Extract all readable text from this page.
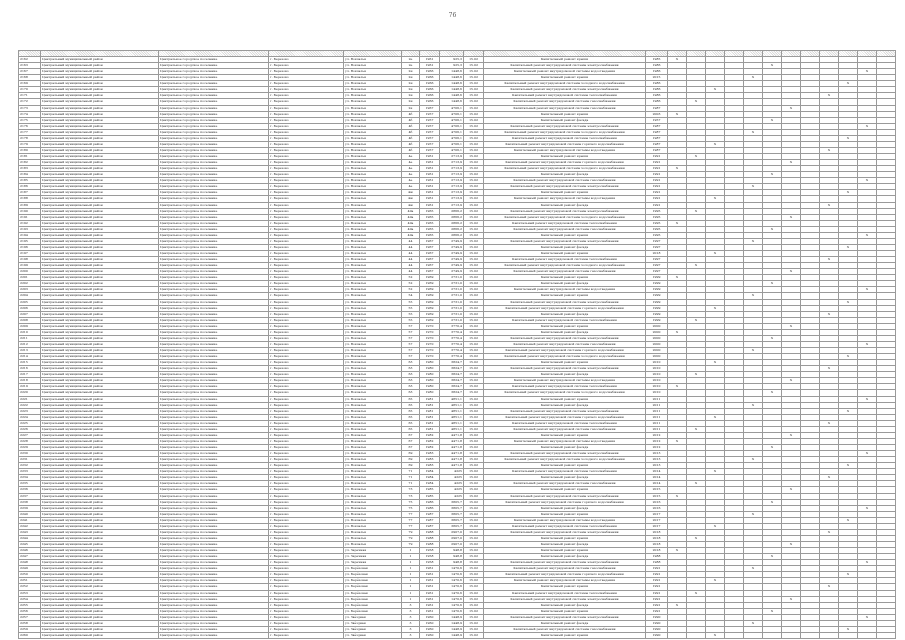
76

2162	Центральный муниципальный район	Центральное городское поселение	г. Березово	ул. Вокзалья	2е	1961	925,3	15.02	Капитальный ремонт крыши	1985	X											
2163	Центральный муниципальный район	Центральное городское поселение	г. Березово	ул. Вокзалья	2е	1961	925,3	15.02	Капитальный ремонт внутридомовой системы электроснабжения	1986						X						
2167	Центральный муниципальный район	Центральное городское поселение	г. Березово	ул. Вокзалья	2и	1966	1448,6	15.02	Капитальный ремонт внутридомовой системы водоотведения	1986											X	
2168	Центральный муниципальный район	Центральное городское поселение	г. Березово	ул. Вокзалья	2и	1966	1448,6	15.02	Капитальный ремонт крыши	2015					X							
2169	Центральный муниципальный район	Центральное городское поселение	г. Березово	ул. Вокзалья	2и	1966	1448,6	15.02	Капитальный ремонт внутридомовой системы холодного водоснабжения	1986										X		
2170	Центральный муниципальный район	Центральное городское поселение	г. Березово	ул. Вокзалья	2и	1966	1448,6	15.02	Капитальный ремонт внутридомовой системы электроснабжения	1986			X									
2171	Центральный муниципальный район	Центральное городское поселение	г. Березово	ул. Вокзалья	2и	1966	1448,6	15.02	Капитальный ремонт внутридомовой системы теплоснабжения	1986									X			
2172	Центральный муниципальный район	Центральное городское поселение	г. Березово	ул. Вокзалья	2и	1966	1448,6	15.02	Капитальный ремонт внутридомовой системы газоснабжения	1986		X										
2173	Центральный муниципальный район	Центральное городское поселение	г. Березово	ул. Вокзалья	2к	1967	4706,1	15.02	Капитальный ремонт внутридомовой системы газоснабжения	1987							X					
2174	Центральный муниципальный район	Центральное городское поселение	г. Березово	ул. Вокзалья	4б	1957	4706,1	15.02	Капитальный ремонт крыши	2003	X											
2175	Центральный муниципальный район	Центральное городское поселение	г. Березово	ул. Вокзалья	4б	1957	4706,1	15.02	Капитальный ремонт фасада	1957						X						
2176	Центральный муниципальный район	Центральное городское поселение	г. Березово	ул. Вокзалья	4б	1957	4706,1	15.02	Капитальный ремонт внутридомовой системы электроснабжения	1987											X	
2177	Центральный муниципальный район	Центральное городское поселение	г. Березово	ул. Вокзалья	4б	1957	4706,1	15.02	Капитальный ремонт внутридомовой системы холодного водоснабжения	1987					X							
2178	Центральный муниципальный район	Центральное городское поселение	г. Березово	ул. Вокзалья	4б	1957	4706,1	15.02	Капитальный ремонт внутридомовой системы теплоснабжения	1987										X		
2179	Центральный муниципальный район	Центральное городское поселение	г. Березово	ул. Вокзалья	4б	1957	4706,1	15.02	Капитальный ремонт внутридомовой системы горячего водоснабжения	1987			X									
2180	Центральный муниципальный район	Центральное городское поселение	г. Березово	ул. Вокзалья	4б	1957	4706,1	15.02	Капитальный ремонт внутридомовой системы водоотведения	1987									X			
2181	Центральный муниципальный район	Центральное городское поселение	г. Березово	ул. Вокзалья	4е	1961	2713,9	15.02	Капитальный ремонт крыши	1991		X										
2182	Центральный муниципальный район	Центральное городское поселение	г. Березово	ул. Вокзалья	4е	1961	2713,9	15.02	Капитальный ремонт внутридомовой системы горячего водоснабжения	1991							X					
2183	Центральный муниципальный район	Центральное городское поселение	г. Березово	ул. Вокзалья	4е	1961	2713,9	15.02	Капитальный ремонт внутридомовой системы холодного водоснабжения	1991	X											
2184	Центральный муниципальный район	Центральное городское поселение	г. Березово	ул. Вокзалья	4е	1961	2713,9	15.02	Капитальный ремонт фасада	1991						X						
2185	Центральный муниципальный район	Центральное городское поселение	г. Березово	ул. Вокзалья	4е	1961	2713,9	15.02	Капитальный ремонт внутридомовой системы газоснабжения	1991											X	
2186	Центральный муниципальный район	Центральное городское поселение	г. Березово	ул. Вокзалья	4е	1961	2713,9	15.02	Капитальный ремонт внутридомовой системы электроснабжения	1991					X							
2187	Центральный муниципальный район	Центральное городское поселение	г. Березово	ул. Вокзалья	4ж	1961	2713,9	15.02	Капитальный ремонт крыши	1991										X		
2188	Центральный муниципальный район	Центральное городское поселение	г. Березово	ул. Вокзалья	4ж	1961	2713,9	15.02	Капитальный ремонт внутридомовой системы водоотведения	1991			X									
2189	Центральный муниципальный район	Центральное городское поселение	г. Березово	ул. Вокзалья	4ж	1961	2713,9	15.02	Капитальный ремонт фасада	1991									X			
2190	Центральный муниципальный район	Центральное городское поселение	г. Березово	ул. Вокзалья	40а	1965	2866,2	15.02	Капитальный ремонт внутридомовой системы электроснабжения	1995		X										
2191	Центральный муниципальный район	Центральное городское поселение	г. Березово	ул. Вокзалья	40а	1965	2866,2	15.02	Капитальный ремонт внутридомовой системы холодного водоснабжения	1995							X					
2192	Центральный муниципальный район	Центральное городское поселение	г. Березово	ул. Вокзалья	40а	1965	2866,2	15.02	Капитальный ремонт внутридомовой системы теплоснабжения	1995	X											
2193	Центральный муниципальный район	Центральное городское поселение	г. Березово	ул. Вокзалья	40а	1965	2866,2	15.02	Капитальный ремонт внутридомовой системы газоснабжения	1995						X						
2194	Центральный муниципальный район	Центральное городское поселение	г. Березово	ул. Вокзалья	40а	1965	2866,2	15.02	Капитальный ремонт крыши	1995											X	
2195	Центральный муниципальный район	Центральное городское поселение	г. Березово	ул. Вокзалья	44	1967	2749,9	15.02	Капитальный ремонт внутридомовой системы электроснабжения	1997					X							
2196	Центральный муниципальный район	Центральное городское поселение	г. Березово	ул. Вокзалья	44	1967	2749,9	15.02	Капитальный ремонт фасада	1997										X		
2197	Центральный муниципальный район	Центральное городское поселение	г. Березово	ул. Вокзалья	44	1967	2749,9	15.02	Капитальный ремонт крыши	2018			X									
2198	Центральный муниципальный район	Центральное городское поселение	г. Березово	ул. Вокзалья	44	1967	2749,9	15.02	Капитальный ремонт внутридомовой системы теплоснабжения	1997									X			
2199	Центральный муниципальный район	Центральное городское поселение	г. Березово	ул. Вокзалья	44	1967	2749,9	15.02	Капитальный ремонт внутридомовой системы холодного водоснабжения	1997		X										
2200	Центральный муниципальный район	Центральное городское поселение	г. Березово	ул. Вокзалья	44	1967	2749,9	15.02	Капитальный ремонт внутридомовой системы газоснабжения	1997							X					
2201	Центральный муниципальный район	Центральное городское поселение	г. Березово	ул. Вокзалья	52	1969	2731,0	15.02	Капитальный ремонт крыши	1999	X											
2202	Центральный муниципальный район	Центральное городское поселение	г. Березово	ул. Вокзалья	52	1969	2731,0	15.02	Капитальный ремонт фасада	1999						X						
2203	Центральный муниципальный район	Центральное городское поселение	г. Березово	ул. Вокзалья	52	1969	2731,0	15.02	Капитальный ремонт внутридомовой системы водоотведения	1999											X	
2204	Центральный муниципальный район	Центральное городское поселение	г. Березово	ул. Вокзалья	54	1969	2731,0	15.02	Капитальный ремонт крыши	1999					X							
2205	Центральный муниципальный район	Центральное городское поселение	г. Березово	ул. Вокзалья	55	1969	2731,0	15.02	Капитальный ремонт внутридомовой системы электроснабжения	1999										X		
2206	Центральный муниципальный район	Центральное городское поселение	г. Березово	ул. Вокзалья	55	1969	2731,0	15.02	Капитальный ремонт внутридомовой системы горячего водоснабжения	1999			X									
2207	Центральный муниципальный район	Центральное городское поселение	г. Березово	ул. Вокзалья	55	1969	2731,0	15.02	Капитальный ремонт фасада	1999									X			
2208	Центральный муниципальный район	Центральное городское поселение	г. Березово	ул. Вокзалья	55	1969	2731,0	15.02	Капитальный ремонт внутридомовой системы теплоснабжения	1999		X										
2209	Центральный муниципальный район	Центральное городское поселение	г. Березово	ул. Вокзалья	57	1970	3770,4	15.02	Капитальный ремонт крыши	2000							X					
2210	Центральный муниципальный район	Центральное городское поселение	г. Березово	ул. Вокзалья	57	1970	3770,4	15.02	Капитальный ремонт фасада	2000	X											
2211	Центральный муниципальный район	Центральное городское поселение	г. Березово	ул. Вокзалья	57	1970	3770,4	15.02	Капитальный ремонт внутридомовой системы электроснабжения	2000						X						
2212	Центральный муниципальный район	Центральное городское поселение	г. Березово	ул. Вокзалья	57	1970	3770,4	15.02	Капитальный ремонт внутридомовой системы газоснабжения	2000											X	
2213	Центральный муниципальный район	Центральное городское поселение	г. Березово	ул. Вокзалья	57	1970	3770,4	15.02	Капитальный ремонт внутридомовой системы горячего водоснабжения	2000					X							
2214	Центральный муниципальный район	Центральное городское поселение	г. Березово	ул. Вокзалья	57	1970	3770,4	15.02	Капитальный ремонт внутридомовой системы холодного водоснабжения	2000										X		
2215	Центральный муниципальный район	Центральное городское поселение	г. Березово	ул. Вокзалья	63	1980	3824,7	15.02	Капитальный ремонт крыши	2010			X									
2216	Центральный муниципальный район	Центральное городское поселение	г. Березово	ул. Вокзалья	63	1980	3824,7	15.02	Капитальный ремонт внутридомовой системы электроснабжения	2010									X			
2217	Центральный муниципальный район	Центральное городское поселение	г. Березово	ул. Вокзалья	63	1980	3824,7	15.02	Капитальный ремонт фасада	2010		X										
2218	Центральный муниципальный район	Центральное городское поселение	г. Березово	ул. Вокзалья	63	1980	3824,7	15.02	Капитальный ремонт внутридомовой системы водоотведения	2010							X					
2219	Центральный муниципальный район	Центральное городское поселение	г. Березово	ул. Вокзалья	63	1980	3824,7	15.02	Капитальный ремонт внутридомовой системы теплоснабжения	2010	X											
2220	Центральный муниципальный район	Центральное городское поселение	г. Березово	ул. Вокзалья	63	1980	3824,7	15.02	Капитальный ремонт внутридомовой системы холодного водоснабжения	2010						X						
2221	Центральный муниципальный район	Центральное городское поселение	г. Березово	ул. Вокзалья	65	1981	4851,1	15.02	Капитальный ремонт крыши	2011											X	
2222	Центральный муниципальный район	Центральное городское поселение	г. Березово	ул. Вокзалья	65	1981	4851,1	15.02	Капитальный ремонт фасада	2011					X							
2223	Центральный муниципальный район	Центральное городское поселение	г. Березово	ул. Вокзалья	65	1981	4851,1	15.02	Капитальный ремонт внутридомовой системы электроснабжения	2011										X		
2224	Центральный муниципальный район	Центральное городское поселение	г. Березово	ул. Вокзалья	65	1981	4851,1	15.02	Капитальный ремонт внутридомовой системы горячего водоснабжения	2011			X									
2225	Центральный муниципальный район	Центральное городское поселение	г. Березово	ул. Вокзалья	65	1981	4851,1	15.02	Капитальный ремонт внутридомовой системы теплоснабжения	2011									X			
2226	Центральный муниципальный район	Центральное городское поселение	г. Березово	ул. Вокзалья	65	1981	4851,1	15.02	Капитальный ремонт внутридомовой системы газоснабжения	2011		X										
2227	Центральный муниципальный район	Центральное городское поселение	г. Березово	ул. Вокзалья	67	1982	4471,8	15.02	Капитальный ремонт крыши	2012							X					
2228	Центральный муниципальный район	Центральное городское поселение	г. Березово	ул. Вокзалья	67	1982	4471,8	15.02	Капитальный ремонт внутридомовой системы водоотведения	2012	X											
2229	Центральный муниципальный район	Центральное городское поселение	г. Березово	ул. Вокзалья	67	1982	4471,8	15.02	Капитальный ремонт фасада	2012						X						
2230	Центральный муниципальный район	Центральное городское поселение	г. Березово	ул. Вокзалья	69	1983	4471,8	15.02	Капитальный ремонт внутридомовой системы электроснабжения	2013											X	
2231	Центральный муниципальный район	Центральное городское поселение	г. Березово	ул. Вокзалья	69	1983	4471,8	15.02	Капитальный ремонт внутридомовой системы холодного водоснабжения	2013					X							
2232	Центральный муниципальный район	Центральное городское поселение	г. Березово	ул. Вокзалья	69	1983	4471,8	15.02	Капитальный ремонт крыши	2013										X		
2233	Центральный муниципальный район	Центральное городское поселение	г. Березово	ул. Вокзалья	71	1984	4225	15.02	Капитальный ремонт внутридомовой системы теплоснабжения	2014			X									
2234	Центральный муниципальный район	Центральное городское поселение	г. Березово	ул. Вокзалья	71	1984	4225	15.02	Капитальный ремонт фасада	2014									X			
2235	Центральный муниципальный район	Центральное городское поселение	г. Березово	ул. Вокзалья	71	1984	4225	15.02	Капитальный ремонт внутридомовой системы газоснабжения	2014		X										
2236	Центральный муниципальный район	Центральное городское поселение	г. Березово	ул. Вокзалья	73	1985	4225	15.02	Капитальный ремонт крыши	2015							X					
2237	Центральный муниципальный район	Центральное городское поселение	г. Березово	ул. Вокзалья	73	1985	4225	15.02	Капитальный ремонт внутридомовой системы электроснабжения	2015	X											
2238	Центральный муниципальный район	Центральное городское поселение	г. Березово	ул. Вокзалья	75	1986	3805,7	15.02	Капитальный ремонт внутридомовой системы горячего водоснабжения	2016						X						
2239	Центральный муниципальный район	Центральное городское поселение	г. Березово	ул. Вокзалья	75	1986	3805,7	15.02	Капитальный ремонт фасада	2016											X	
2240	Центральный муниципальный район	Центральное городское поселение	г. Березово	ул. Вокзалья	77	1987	3805,7	15.02	Капитальный ремонт крыши	2017					X							
2241	Центральный муниципальный район	Центральное городское поселение	г. Березово	ул. Вокзалья	77	1987	3805,7	15.02	Капитальный ремонт внутридомовой системы водоотведения	2017										X		
2242	Центральный муниципальный район	Центральное городское поселение	г. Березово	ул. Вокзалья	77	1987	3805,7	15.02	Капитальный ремонт внутридомовой системы теплоснабжения	2017			X									
2243	Центральный муниципальный район	Центральное городское поселение	г. Березово	ул. Вокзалья	79	1988	2907,0	15.02	Капитальный ремонт внутридомовой системы электроснабжения	2018									X			
2244	Центральный муниципальный район	Центральное городское поселение	г. Березово	ул. Вокзалья	79	1988	2907,0	15.02	Капитальный ремонт крыши	2018		X										
2245	Центральный муниципальный район	Центральное городское поселение	г. Березово	ул. Вокзалья	79	1988	2907,0	15.02	Капитальный ремонт фасада	2018							X					
2246	Центральный муниципальный район	Центральное городское поселение	г. Березово	ул. Заречная	1	1958	948,8	15.02	Капитальный ремонт крыши	2018	X											
2247	Центральный муниципальный район	Центральное городское поселение	г. Березово	ул. Заречная	1	1958	948,8	15.02	Капитальный ремонт фасада	1988						X						
2248	Центральный муниципальный район	Центральное городское поселение	г. Березово	ул. Заречная	1	1958	948,8	15.02	Капитальный ремонт внутридомовой системы электроснабжения	1988											X	
2249	Центральный муниципальный район	Центральное городское поселение	г. Березово	ул. Берёзовая	1	1961	1470,6	15.02	Капитальный ремонт внутридомовой системы газоснабжения	1991					X							
2250	Центральный муниципальный район	Центральное городское поселение	г. Березово	ул. Берёзовая	1	1961	1470,6	15.02	Капитальный ремонт внутридомовой системы горячего водоснабжения	1991										X		
2251	Центральный муниципальный район	Центральное городское поселение	г. Березово	ул. Берёзовая	1	1961	1470,6	15.02	Капитальный ремонт внутридомовой системы водоотведения	1991			X									
2252	Центральный муниципальный район	Центральное городское поселение	г. Березово	ул. Берёзовая	1	1961	1470,6	15.02	Капитальный ремонт крыши	1991									X			
2253	Центральный муниципальный район	Центральное городское поселение	г. Березово	ул. Берёзовая	1	1961	1470,6	15.02	Капитальный ремонт внутридомовой системы теплоснабжения	1991		X										
2254	Центральный муниципальный район	Центральное городское поселение	г. Березово	ул. Берёзовая	1	1961	1470,6	15.02	Капитальный ремонт внутридомовой системы электроснабжения	1991							X					
2255	Центральный муниципальный район	Центральное городское поселение	г. Березово	ул. Берёзовая	3	1961	1470,6	15.02	Капитальный ремонт фасада	1991	X											
2256	Центральный муниципальный район	Центральное городское поселение	г. Березово	ул. Берёзовая	3	1961	1470,6	15.02	Капитальный ремонт крыши	1991						X						
2257	Центральный муниципальный район	Центральное городское поселение	г. Березово	ул. Звёздная	3	1960	1448,9	15.02	Капитальный ремонт внутридомовой системы электроснабжения	1990											X	
2258	Центральный муниципальный район	Центральное городское поселение	г. Березово	ул. Звёздная	3	1960	1448,9	15.02	Капитальный ремонт фасада	1990					X							
2259	Центральный муниципальный район	Центральное городское поселение	г. Березово	ул. Звёздная	3	1960	1448,9	15.02	Капитальный ремонт внутридомовой системы газоснабжения	1990										X		
2260	Центральный муниципальный район	Центральное городское поселение	г. Березово	ул. Звёздная	3	1960	1448,9	15.02	Капитальный ремонт крыши	1990			X									
